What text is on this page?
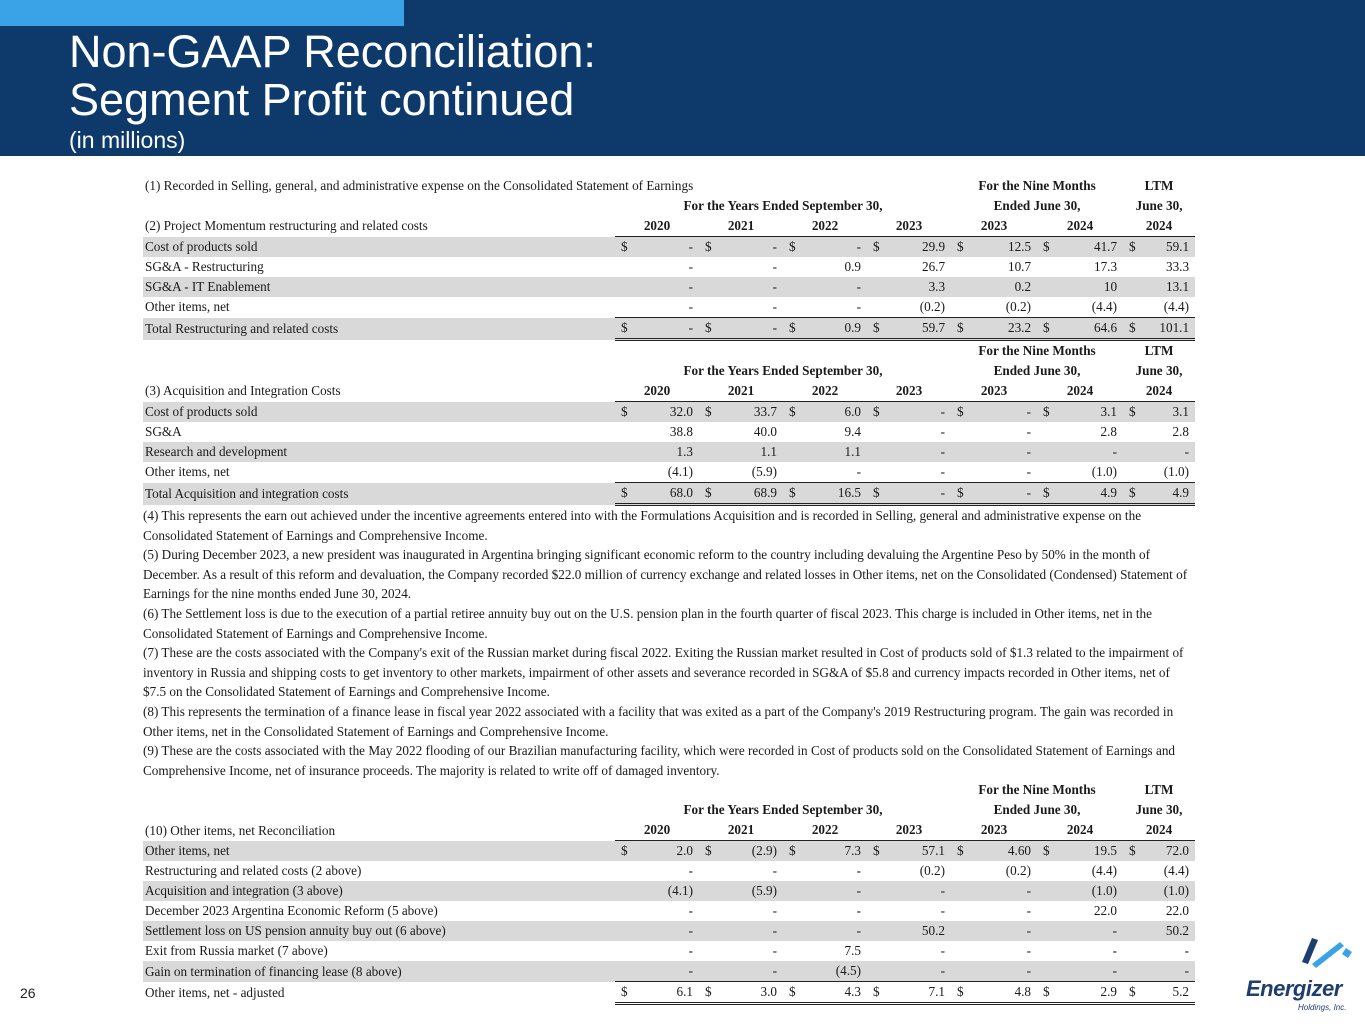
Non-GAAP Reconciliation:
Segment Profit continued
(in millions)
(1) Recorded in Selling, general, and administrative expense on the Consolidated Statement of Earnings					For the Nine Months		LTM
	For the Years Ended September 30,				Ended June 30,		June 30,
(2) Project Momentum restructuring and related costs	2020	2021	2022	2023	2023	2024	2024
Cost of products sold	$ -	$ -	$ -	$ 29.9	$ 12.5	$ 41.7	$ 59.1
SG&A - Restructuring	-	-	0.9	26.7	10.7	17.3	33.3
SG&A - IT Enablement	-	-	-	3.3	0.2	10	13.1
Other items, net	-	-	-	(0.2)	(0.2)	(4.4)	(4.4)
Total Restructuring and related costs	$ -	$ -	$ 0.9	$ 59.7	$ 23.2	$ 64.6	$ 101.1
					For the Nine Months		LTM
	For the Years Ended September 30,				Ended June 30,		June 30,
(3) Acquisition and Integration Costs	2020	2021	2022	2023	2023	2024	2024
Cost of products sold	$ 32.0	$ 33.7	$ 6.0	$ -	$ -	$ 3.1	$ 3.1
SG&A	38.8	40.0	9.4	-	-	2.8	2.8
Research and development	1.3	1.1	1.1	-	-	-	-
Other items, net	(4.1)	(5.9)	-	-	-	(1.0)	(1.0)
Total Acquisition and integration costs	$ 68.0	$ 68.9	$ 16.5	$ -	$ -	$ 4.9	$ 4.9

(4) This represents the earn out achieved under the incentive agreements entered into with the Formulations Acquisition and is recorded in Selling, general and administrative expense on the Consolidated Statement of Earnings and Comprehensive Income.

(5) During December 2023, a new president was inaugurated in Argentina bringing significant economic reform to the country including devaluing the Argentine Peso by 50% in the month of December. As a result of this reform and devaluation, the Company recorded $22.0 million of currency exchange and related losses in Other items, net on the Consolidated (Condensed) Statement of Earnings for the nine months ended June 30, 2024.

(6) The Settlement loss is due to the execution of a partial retiree annuity buy out on the U.S. pension plan in the fourth quarter of fiscal 2023. This charge is included in Other items, net in the Consolidated Statement of Earnings and Comprehensive Income.

(7) These are the costs associated with the Company's exit of the Russian market during fiscal 2022. Exiting the Russian market resulted in Cost of products sold of $1.3 related to the impairment of inventory in Russia and shipping costs to get inventory to other markets, impairment of other assets and severance recorded in SG&A of $5.8 and currency impacts recorded in Other items, net of $7.5 on the Consolidated Statement of Earnings and Comprehensive Income.

(8) This represents the termination of a finance lease in fiscal year 2022 associated with a facility that was exited as a part of the Company's 2019 Restructuring program. The gain was recorded in Other items, net in the Consolidated Statement of Earnings and Comprehensive Income.

(9) These are the costs associated with the May 2022 flooding of our Brazilian manufacturing facility, which were recorded in Cost of products sold on the Consolidated Statement of Earnings and Comprehensive Income, net of insurance proceeds. The majority is related to write off of damaged inventory.

					For the Nine Months		LTM
	For the Years Ended September 30,				Ended June 30,		June 30,
(10) Other items, net Reconciliation	2020	2021	2022	2023	2023	2024	2024
Other items, net	$ 2.0	$ (2.9)	$ 7.3	$ 57.1	$ 4.60	$ 19.5	$ 72.0
Restructuring and related costs (2 above)	-	-	-	(0.2)	(0.2)	(4.4)	(4.4)
Acquisition and integration (3 above)	(4.1)	(5.9)	-	-	-	(1.0)	(1.0)
December 2023 Argentina Economic Reform (5 above)	-	-	-	-	-	22.0	22.0
Settlement loss on US pension annuity buy out (6 above)	-	-	-	50.2	-	-	50.2
Exit from Russia market (7 above)	-	-	7.5	-	-	-	-
Gain on termination of financing lease (8 above)	-	-	(4.5)	-	-	-	-
Other items, net - adjusted	$ 6.1	$ 3.0	$ 4.3	$ 7.1	$ 4.8	$ 2.9	$ 5.2
26	Energizer
Holdings, Inc.
